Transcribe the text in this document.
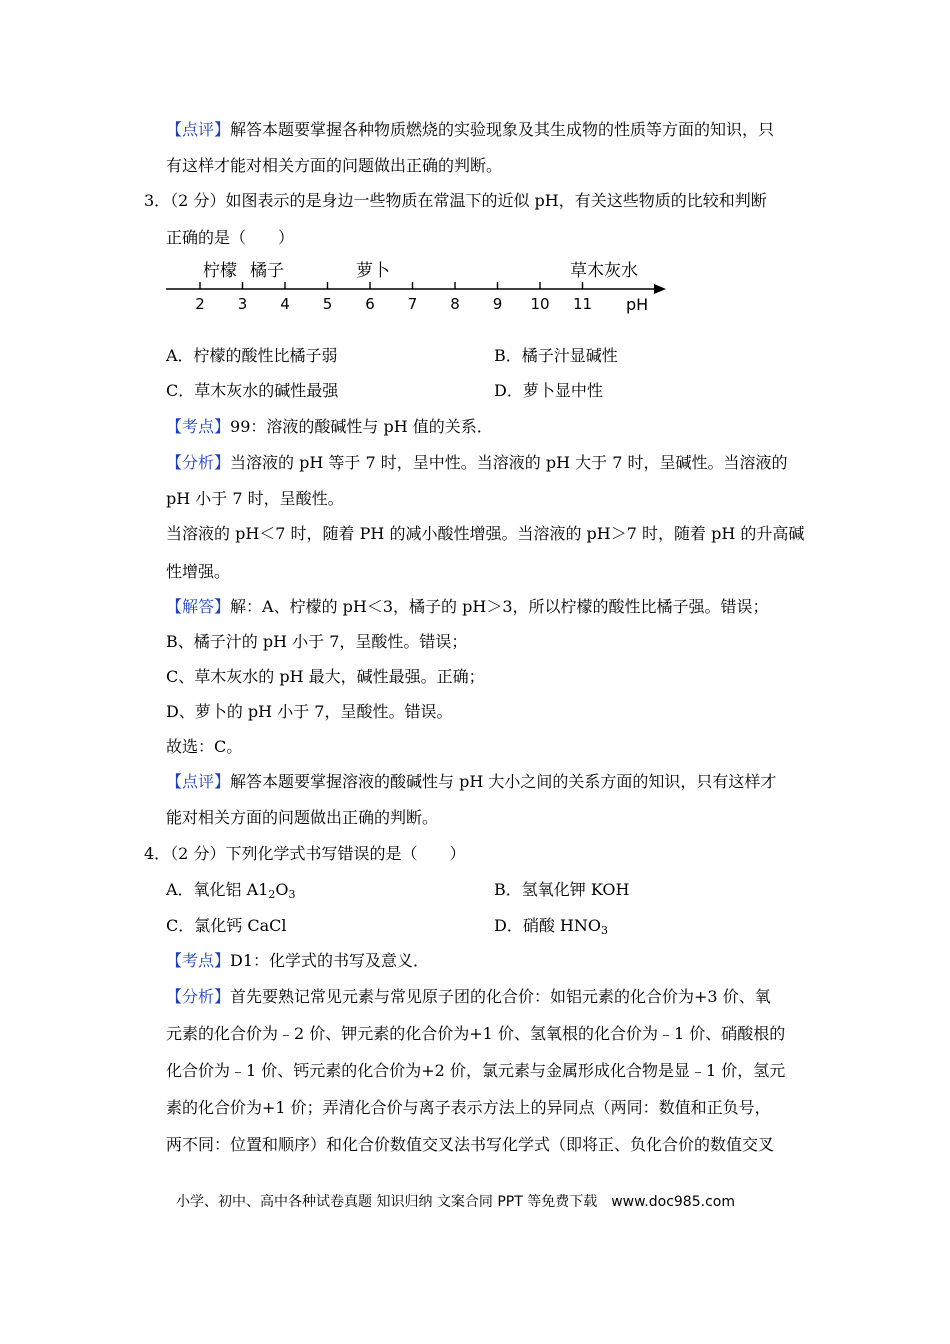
【点评】解答本题要掌握各种物质燃烧的实验现象及其生成物的性质等方面的知识，只
有这样才能对相关方面的问题做出正确的判断。
3．（2 分）如图表示的是身边一些物质在常温下的近似 pH，有关这些物质的比较和判断
正确的是（　　）
2 3 4 5 6 7 8 9 10 11
柠檬 橘子	萝卜	草木灰水
pH
A．柠檬的酸性比橘子弱	B．橘子汁显碱性
C．草木灰水的碱性最强	D．萝卜显中性
【考点】99：溶液的酸碱性与 pH 值的关系．
【分析】当溶液的 pH 等于 7 时，呈中性。当溶液的 pH 大于 7 时，呈碱性。当溶液的
pH 小于 7 时，呈酸性。
当溶液的 pH＜7 时，随着 PH 的减小酸性增强。当溶液的 pH＞7 时，随着 pH 的升高碱
性增强。
【解答】解：A、柠檬的 pH＜3，橘子的 pH＞3，所以柠檬的酸性比橘子强。错误；
B、橘子汁的 pH 小于 7，呈酸性。错误；
C、草木灰水的 pH 最大，碱性最强。正确；
D、萝卜的 pH 小于 7，呈酸性。错误。
故选：C。
【点评】解答本题要掌握溶液的酸碱性与 pH 大小之间的关系方面的知识，只有这样才
能对相关方面的问题做出正确的判断。
4．（2 分）下列化学式书写错误的是（　　）
A．氧化铝 $A1_2O_3$	B．氢氧化钾 KOH
C．氯化钙 CaCl	D．硝酸 $HNO_3$
【考点】D1：化学式的书写及意义．
【分析】首先要熟记常见元素与常见原子团的化合价：如铝元素的化合价为+3 价、氧
元素的化合价为﹣2 价、钾元素的化合价为+1 价、氢氧根的化合价为﹣1 价、硝酸根的
化合价为﹣1 价、钙元素的化合价为+2 价，氯元素与金属形成化合物是显﹣1 价，氢元
素的化合价为+1 价；弄清化合价与离子表示方法上的异同点（两同：数值和正负号，
两不同：位置和顺序）和化合价数值交叉法书写化学式（即将正、负化合价的数值交叉
小学、初中、高中各种试卷真题 知识归纳 文案合同 PPT 等免费下载　www.doc985.com
